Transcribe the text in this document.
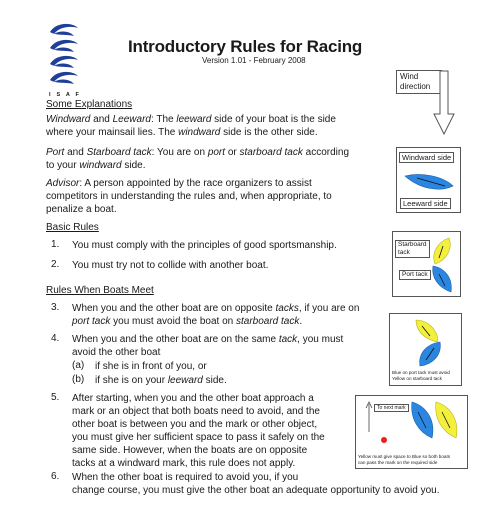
I S A F
Introductory Rules for Racing
Version 1.01 - February 2008
Wind
direction
Some Explanations
Windward and Leeward: The leeward side of your boat is the side
where your mainsail lies. The windward side is the other side.
Port and Starboard tack: You are on port or starboard tack according
to your windward side.
Advisor: A person appointed by the race organizers to assist
competitors in understanding the rules and, when appropriate, to
penalize a boat.
Windward side
Leeward side
Basic Rules
1. You must comply with the principles of good sportsmanship.
2. You must try not to collide with another boat.
Starboard
tack
Port tack
Rules When Boats Meet
3. When you and the other boat are on opposite tacks, if you are on
port tack you must avoid the boat on starboard tack.
4. When you and the other boat are on the same tack, you must
avoid the other boat
(a) if she is in front of you, or
(b) if she is on your leeward side.
Blue on port tack must avoid
Yellow on starboard tack
5. After starting, when you and the other boat approach a
mark or an object that both boats need to avoid, and the
other boat is between you and the mark or other object,
you must give her sufficient space to pass it safely on the
same side. However, when the boats are on opposite
tacks at a windward mark, this rule does not apply.
To next mark
Yellow must give space to Blue so both boats
can pass the mark on the required side
6. When the other boat is required to avoid you, if you
change course, you must give the other boat an adequate opportunity to avoid you.
